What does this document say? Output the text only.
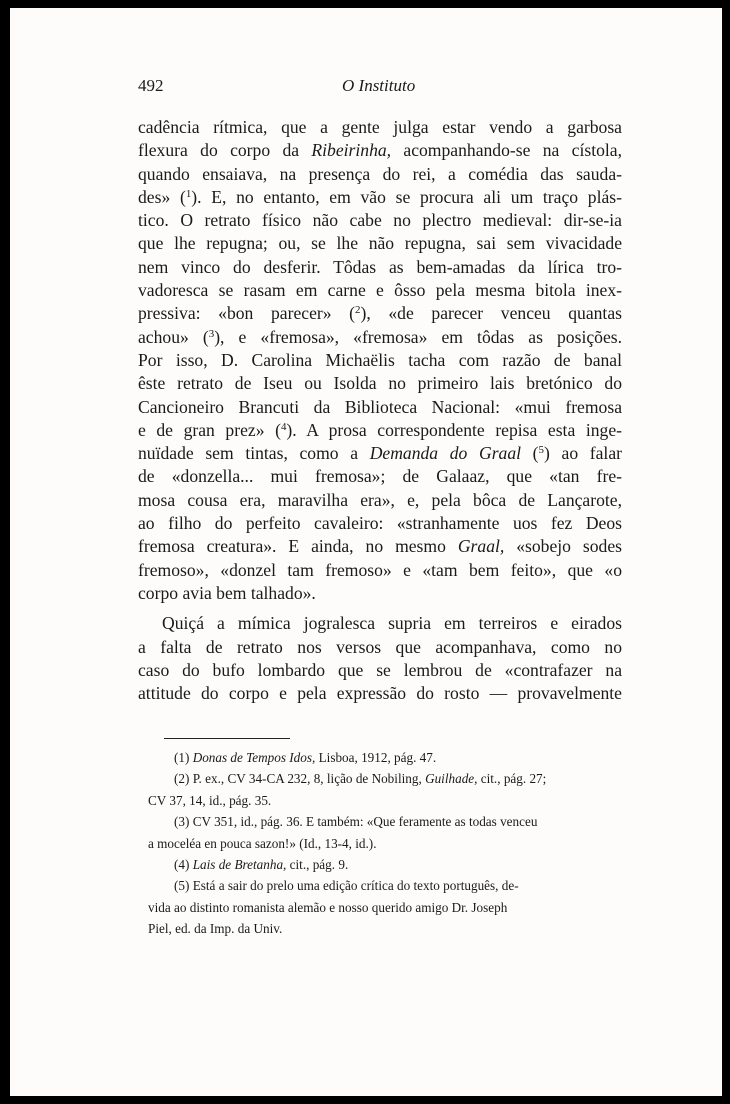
492	O Instituto

cadência rítmica, que a gente julga estar vendo a garbosa

flexura do corpo da Ribeirinha, acompanhando-se na cístola,

quando ensaiava, na presença do rei, a comédia das sauda-

des» ($^1$). E, no entanto, em vão se procura ali um traço plás-

tico. O retrato físico não cabe no plectro medieval: dir-se-ia

que lhe repugna; ou, se lhe não repugna, sai sem vivacidade

nem vinco do desferir. Tôdas as bem-amadas da lírica tro-

vadoresca se rasam em carne e ôsso pela mesma bitola inex-

pressiva: «bon parecer» ($^2$), «de parecer venceu quantas

achou» ($^3$), e «fremosa», «fremosa» em tôdas as posições.

Por isso, D. Carolina Michaëlis tacha com razão de banal

êste retrato de Iseu ou Isolda no primeiro lais bretónico do

Cancioneiro Brancuti da Biblioteca Nacional: «mui fremosa

e de gran prez» ($^4$). A prosa correspondente repisa esta inge-

nuïdade sem tintas, como a Demanda do Graal ($^5$) ao falar

de «donzella... mui fremosa»; de Galaaz, que «tan fre-

mosa cousa era, maravilha era», e, pela bôca de Lançarote,

ao filho do perfeito cavaleiro: «stranhamente uos fez Deos

fremosa creatura». E ainda, no mesmo Graal, «sobejo sodes

fremoso», «donzel tam fremoso» e «tam bem feito», que «o

corpo avia bem talhado».

Quiçá a mímica jogralesca supria em terreiros e eirados

a falta de retrato nos versos que acompanhava, como no

caso do bufo lombardo que se lembrou de «contrafazer na

attitude do corpo e pela expressão do rosto — provavelmente

(1) Donas de Tempos Idos, Lisboa, 1912, pág. 47.

(2) P. ex., CV 34-CA 232, 8, lição de Nobiling, Guilhade, cit., pág. 27;

CV 37, 14, id., pág. 35.

(3) CV 351, id., pág. 36. E também: «Que feramente as todas venceu

a moceléa en pouca sazon!» (Id., 13-4, id.).

(4) Lais de Bretanha, cit., pág. 9.

(5) Está a sair do prelo uma edição crítica do texto português, de-

vida ao distinto romanista alemão e nosso querido amigo Dr. Joseph

Piel, ed. da Imp. da Univ.
